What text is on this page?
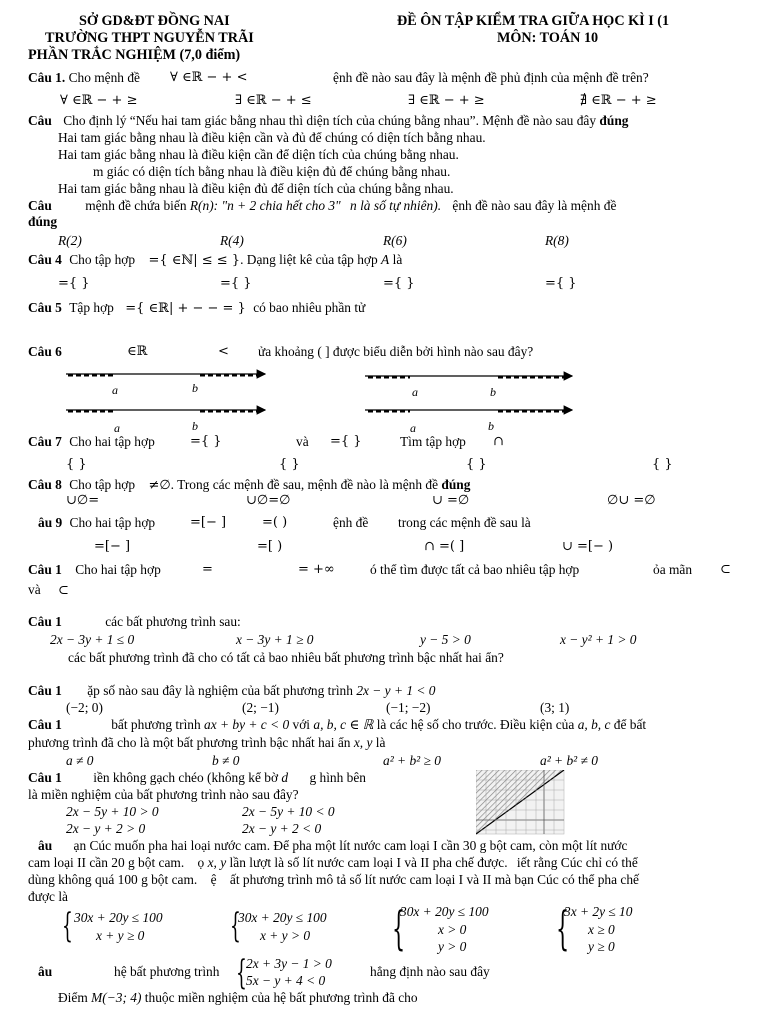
SỞ GD&ĐT ĐỒNG NAI
TRƯỜNG THPT NGUYỄN TRÃI
ĐỀ ÔN TẬP KIỂM TRA GIỮA HỌC KÌ I (1
MÔN: TOÁN 10
PHẦN TRẮC NGHIỆM (7,0 điểm)
Câu 1. Cho mệnh đề ∀ ∈ℝ − + <	ệnh đề nào sau đây là mệnh đề phủ định của mệnh đề trên?
∀ ∈ℝ − + ≥	∃ ∈ℝ − + ≤	∃ ∈ℝ − + ≥	∄ ∈ℝ − + ≥
Câu Cho định lý “Nếu hai tam giác bằng nhau thì diện tích của chúng bằng nhau”. Mệnh đề nào sau đây đúng
Hai tam giác bằng nhau là điều kiện cần và đủ để chúng có diện tích bằng nhau.
Hai tam giác bằng nhau là điều kiện cần để diện tích của chúng bằng nhau.
m giác có diện tích bằng nhau là điều kiện đủ để chúng bằng nhau.
Hai tam giác bằng nhau là điều kiện đủ để diện tích của chúng bằng nhau.
Câu mệnh đề chứa biến R(n): "n + 2 chia hết cho 3" n là số tự nhiên). ệnh đề nào sau đây là mệnh đề
đúng
R(2)	R(4)	R(6)	R(8)
Câu 4 Cho tập hợp ={ ∈ℕ| ≤ ≤ }. Dạng liệt kê của tập hợp A là
={ }	={ }	={ }	={ }
Câu 5 Tập hợp ={ ∈ℝ| + − − = } có bao nhiêu phần tử
Câu 6	∈ℝ	< ửa khoảng ( ] được biểu diễn bởi hình nào sau đây?
a	b	a	b
a	b	a	b
Câu 7 Cho hai tập hợp	={ }	và ={ }	Tìm tập hợp ∩
{ }	{ }	{ }	{ }
Câu 8 Cho tập hợp ≠∅. Trong các mệnh đề sau, mệnh đề nào là mệnh đề đúng
∪∅=	∪∅=∅	∪ =∅	∅∪ =∅
âu 9 Cho hai tập hợp	=[− ]	=( )	ệnh đề trong các mệnh đề sau là
=[− ]	=[ )	∩ =( ]	∪ =[− )
Câu 1 Cho hai tập hợp	=	= +∞	ó thể tìm được tất cả bao nhiêu tập hợp	ỏa mãn ⊂
và ⊂
Câu 1	các bất phương trình sau:
2x − 3y + 1 ≤ 0	x − 3y + 1 ≥ 0	y − 5 > 0	x − y² + 1 > 0
các bất phương trình đã cho có tất cả bao nhiêu bất phương trình bậc nhất hai ẩn?
Câu 1 ặp số nào sau đây là nghiệm của bất phương trình 2x − y + 1 < 0
(−2; 0)	(2; −1)	(−1; −2)	(3; 1)
Câu 1	bất phương trình ax + by + c < 0 với a, b, c ∈ ℝ là các hệ số cho trước. Điều kiện của a, b, c để bất
phương trình đã cho là một bất phương trình bậc nhất hai ẩn x, y là
a ≠ 0	b ≠ 0	a² + b² ≥ 0	a² + b² ≠ 0
Câu 1 iền không gạch chéo (không kể bờ d g hình bên
là miền nghiệm của bất phương trình nào sau đây?
2x − 5y + 10 > 0	2x − 5y + 10 < 0
2x − y + 2 > 0	2x − y + 2 < 0
âu ạn Cúc muốn pha hai loại nước cam. Để pha một lít nước cam loại I cần 30 g bột cam, còn một lít nước
cam loại II cần 20 g bột cam. ọ x, y lần lượt là số lít nước cam loại I và II pha chế được. iết rằng Cúc chỉ có thể
dùng không quá 100 g bột cam. ệ ất phương trình mô tả số lít nước cam loại I và II mà bạn Cúc có thể pha chế
được là
{ 30x + 20y ≤ 100
x + y ≥ 0	{
30x + 20y ≤ 100
x + y > 0 {
30x + 20y ≤ 100
x > 0
y > 0 {
3x + 2y ≤ 10
x ≥ 0
y ≥ 0
âu	hệ bất phương trình { 2x + 3y − 1 > 0
5x − y + 4 < 0
hẳng định nào sau đây
Điểm M(−3; 4) thuộc miền nghiệm của hệ bất phương trình đã cho
